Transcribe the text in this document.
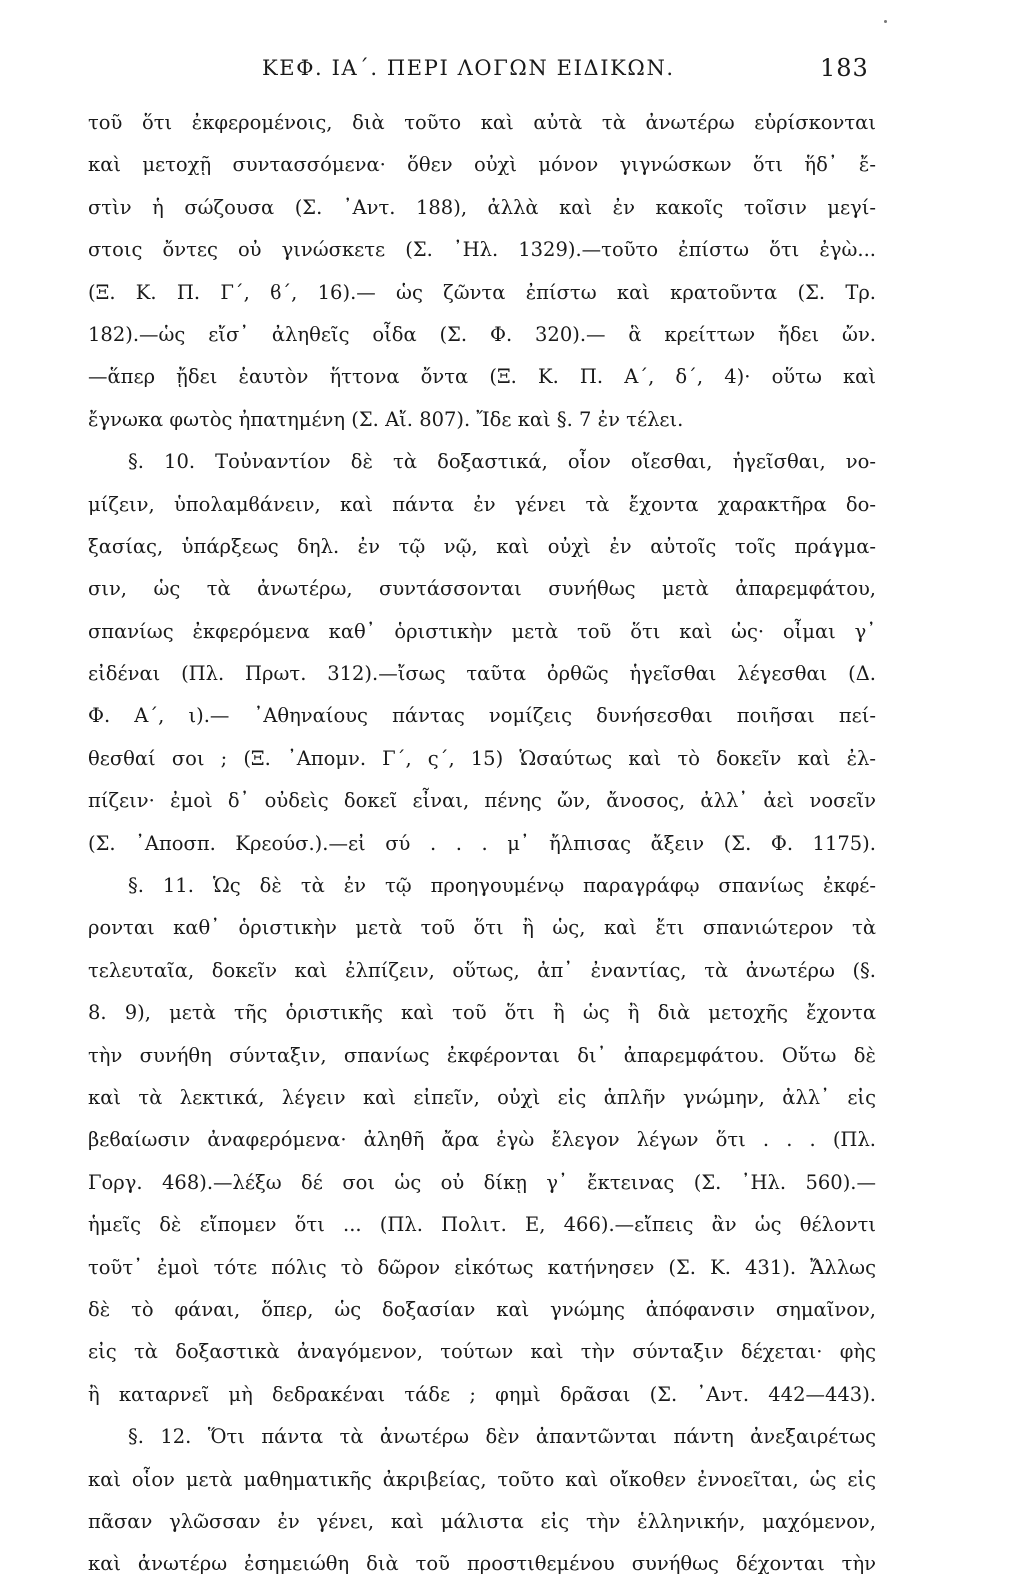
ΚΕΦ. ΙΑ΄. ΠΕΡΙ ΛΟΓΩΝ ΕΙΔΙΚΩΝ.	183
τοῦ ὅτι ἐκφερομένοις, διὰ τοῦτο καὶ αὐτὰ τὰ ἀνωτέρω εὑρίσκονται
καὶ μετοχῇ συντασσόμενα· ὅθεν οὐχὶ μόνον γιγνώσκων ὅτι ἥδ᾽ ἔ-
στὶν ἡ σώζουσα (Σ. ᾽Αντ. 188), ἀλλὰ καὶ ἐν κακοῖς τοῖσιν μεγί-
στοις ὄντες οὐ γινώσκετε (Σ. ᾽Ηλ. 1329).—τοῦτο ἐπίστω ὅτι ἐγὼ...
(Ξ. Κ. Π. Γ΄, ϐ΄, 16).— ὡς ζῶντα ἐπίστω καὶ κρατοῦντα (Σ. Τρ.
182).—ὡς εἴσ᾽ ἀληθεῖς οἶδα (Σ. Φ. 320).— ἃ κρείττων ἤδει ὤν.
—ἅπερ ᾔδει ἑαυτὸν ἥττονα ὄντα (Ξ. Κ. Π. Α΄, δ΄, 4)· οὕτω καὶ
ἔγνωκα φωτὸς ἠπατημένη (Σ. Αἴ. 807). Ἴδε καὶ §. 7 ἐν τέλει.
§. 10. Τοὐναντίον δὲ τὰ δοξαστικά, οἷον οἴεσθαι, ἡγεῖσθαι, νο-
μίζειν, ὑπολαμϐάνειν, καὶ πάντα ἐν γένει τὰ ἔχοντα χαρακτῆρα δο-
ξασίας, ὑπάρξεως δηλ. ἐν τῷ νῷ, καὶ οὐχὶ ἐν αὐτοῖς τοῖς πράγμα-
σιν, ὡς τὰ ἀνωτέρω, συντάσσονται συνήθως μετὰ ἀπαρεμφάτου,
σπανίως ἐκφερόμενα καθ᾽ ὁριστικὴν μετὰ τοῦ ὅτι καὶ ὡς· οἶμαι γ᾽
εἰδέναι (Πλ. Πρωτ. 312).—ἴσως ταῦτα ὀρθῶς ἡγεῖσθαι λέγεσθαι (Δ.
Φ. Α΄, ι).— ᾽Αθηναίους πάντας νομίζεις δυνήσεσθαι ποιῆσαι πεί-
θεσθαί σοι ; (Ξ. ᾽Απομν. Γ΄, ς΄, 15) Ὡσαύτως καὶ τὸ δοκεῖν καὶ ἐλ-
πίζειν· ἐμοὶ δ᾽ οὐδεὶς δοκεῖ εἶναι, πένης ὤν, ἄνοσος, ἀλλ᾽ ἀεὶ νοσεῖν
(Σ. ᾽Αποσπ. Κρεούσ.).—εἰ σύ . . . μ᾽ ἤλπισας ἄξειν (Σ. Φ. 1175).
§. 11. Ὡς δὲ τὰ ἐν τῷ προηγουμένῳ παραγράφῳ σπανίως ἐκφέ-
ρονται καθ᾽ ὁριστικὴν μετὰ τοῦ ὅτι ἢ ὡς, καὶ ἔτι σπανιώτερον τὰ
τελευταῖα, δοκεῖν καὶ ἐλπίζειν, οὕτως, ἀπ᾽ ἐναντίας, τὰ ἀνωτέρω (§.
8. 9), μετὰ τῆς ὁριστικῆς καὶ τοῦ ὅτι ἢ ὡς ἢ διὰ μετοχῆς ἔχοντα
τὴν συνήθη σύνταξιν, σπανίως ἐκφέρονται δι᾽ ἀπαρεμφάτου. Οὕτω δὲ
καὶ τὰ λεκτικά, λέγειν καὶ εἰπεῖν, οὐχὶ εἰς ἁπλῆν γνώμην, ἀλλ᾽ εἰς
βεϐαίωσιν ἀναφερόμενα· ἀληθῆ ἄρα ἐγὼ ἔλεγον λέγων ὅτι . . . (Πλ.
Γοργ. 468).—λέξω δέ σοι ὡς οὐ δίκῃ γ᾽ ἔκτεινας (Σ. ᾽Ηλ. 560).—
ἡμεῖς δὲ εἴπομεν ὅτι ... (Πλ. Πολιτ. Ε, 466).—εἴπεις ἂν ὡς θέλοντι
τοῦτ᾽ ἐμοὶ τότε πόλις τὸ δῶρον εἰκότως κατήνησεν (Σ. Κ. 431). Ἄλλως
δὲ τὸ φάναι, ὅπερ, ὡς δοξασίαν καὶ γνώμης ἀπόφανσιν σημαῖνον,
εἰς τὰ δοξαστικὰ ἀναγόμενον, τούτων καὶ τὴν σύνταξιν δέχεται· φὴς
ἢ καταρνεῖ μὴ δεδρακέναι τάδε ; φημὶ δρᾶσαι (Σ. ᾽Αντ. 442—443).
§. 12. Ὅτι πάντα τὰ ἀνωτέρω δὲν ἀπαντῶνται πάντη ἀνεξαιρέτως
καὶ οἷον μετὰ μαθηματικῆς ἀκριβείας, τοῦτο καὶ οἴκοθεν ἐννοεῖται, ὡς εἰς
πᾶσαν γλῶσσαν ἐν γένει, καὶ μάλιστα εἰς τὴν ἑλληνικήν, μαχόμενον,
καὶ ἀνωτέρω ἐσημειώθη διὰ τοῦ προστιθεμένου συνήθως δέχονται τὴν
